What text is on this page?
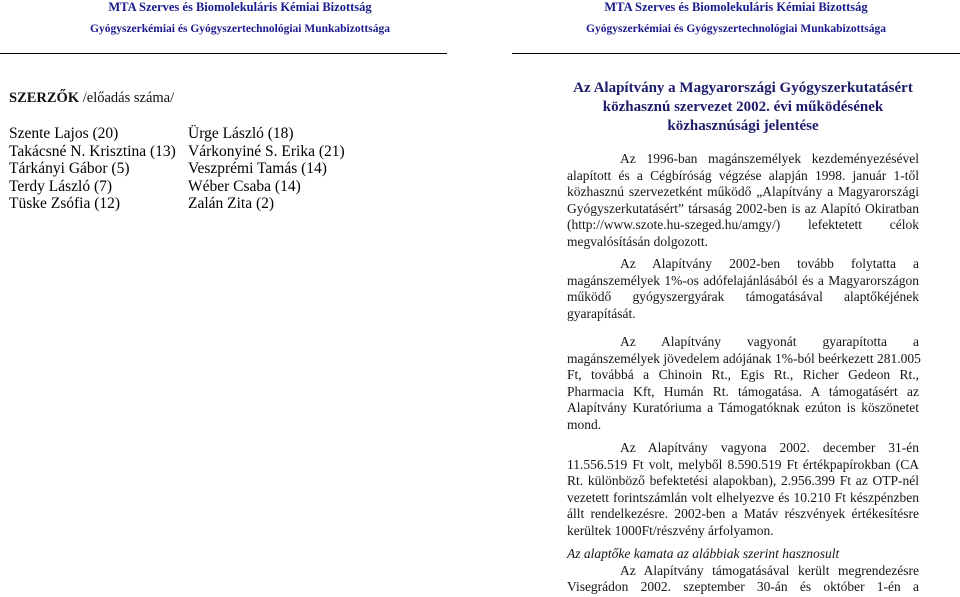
MTA Szerves és Biomolekuláris Kémiai Bizottság
Gyógyszerkémiai és Gyógyszertechnológiai Munkabizottsága
SZERZŐK /előadás száma/
Szente Lajos (20)
Takácsné N. Krisztina (13)
Tárkányi Gábor (5)
Terdy László (7)
Tüske Zsófia (12)
Ürge László (18)
Várkonyiné S. Erika (21)
Veszprémi Tamás (14)
Wéber Csaba (14)
Zalán Zita (2)
MTA Szerves és Biomolekuláris Kémiai Bizottság
Gyógyszerkémiai és Gyógyszertechnológiai Munkabizottsága
Az Alapítvány a Magyarországi Gyógyszerkutatásért
közhasznú szervezet 2002. évi működésének
közhasznúsági jelentése
Az 1996-ban magánszemélyek kezdeményezésével
alapított és a Cégbíróság végzése alapján 1998. január 1-től
közhasznú szervezetként működő „Alapítvány a Magyarországi
Gyógyszerkutatásért” társaság 2002-ben is az Alapító Okiratban
(http://www.szote.hu-szeged.hu/amgy/) lefektetett célok
megvalósításán dolgozott.
Az Alapítvány 2002-ben tovább folytatta a
magánszemélyek 1%-os adófelajánlásából és a Magyarországon
működő gyógyszergyárak támogatásával alaptőkéjének
gyarapítását.
Az Alapítvány vagyonát gyarapította a
magánszemélyek jövedelem adójának 1%-ból beérkezett 281.005
Ft, továbbá a Chinoin Rt., Egis Rt., Richer Gedeon Rt.,
Pharmacia Kft, Humán Rt. támogatása. A támogatásért az
Alapítvány Kuratóriuma a Támogatóknak ezúton is köszönetet
mond.
Az Alapítvány vagyona 2002. december 31-én
11.556.519 Ft volt, melyből 8.590.519 Ft értékpapírokban (CA
Rt. különböző befektetési alapokban), 2.956.399 Ft az OTP-nél
vezetett forintszámlán volt elhelyezve és 10.210 Ft készpénzben
állt rendelkezésre. 2002-ben a Matáv részvények értékesítésre
kerültek 1000Ft/részvény árfolyamon.
Az alaptőke kamata az alábbiak szerint hasznosult
Az Alapítvány támogatásával került megrendezésre
Visegrádon 2002. szeptember 30-án és október 1-én a
